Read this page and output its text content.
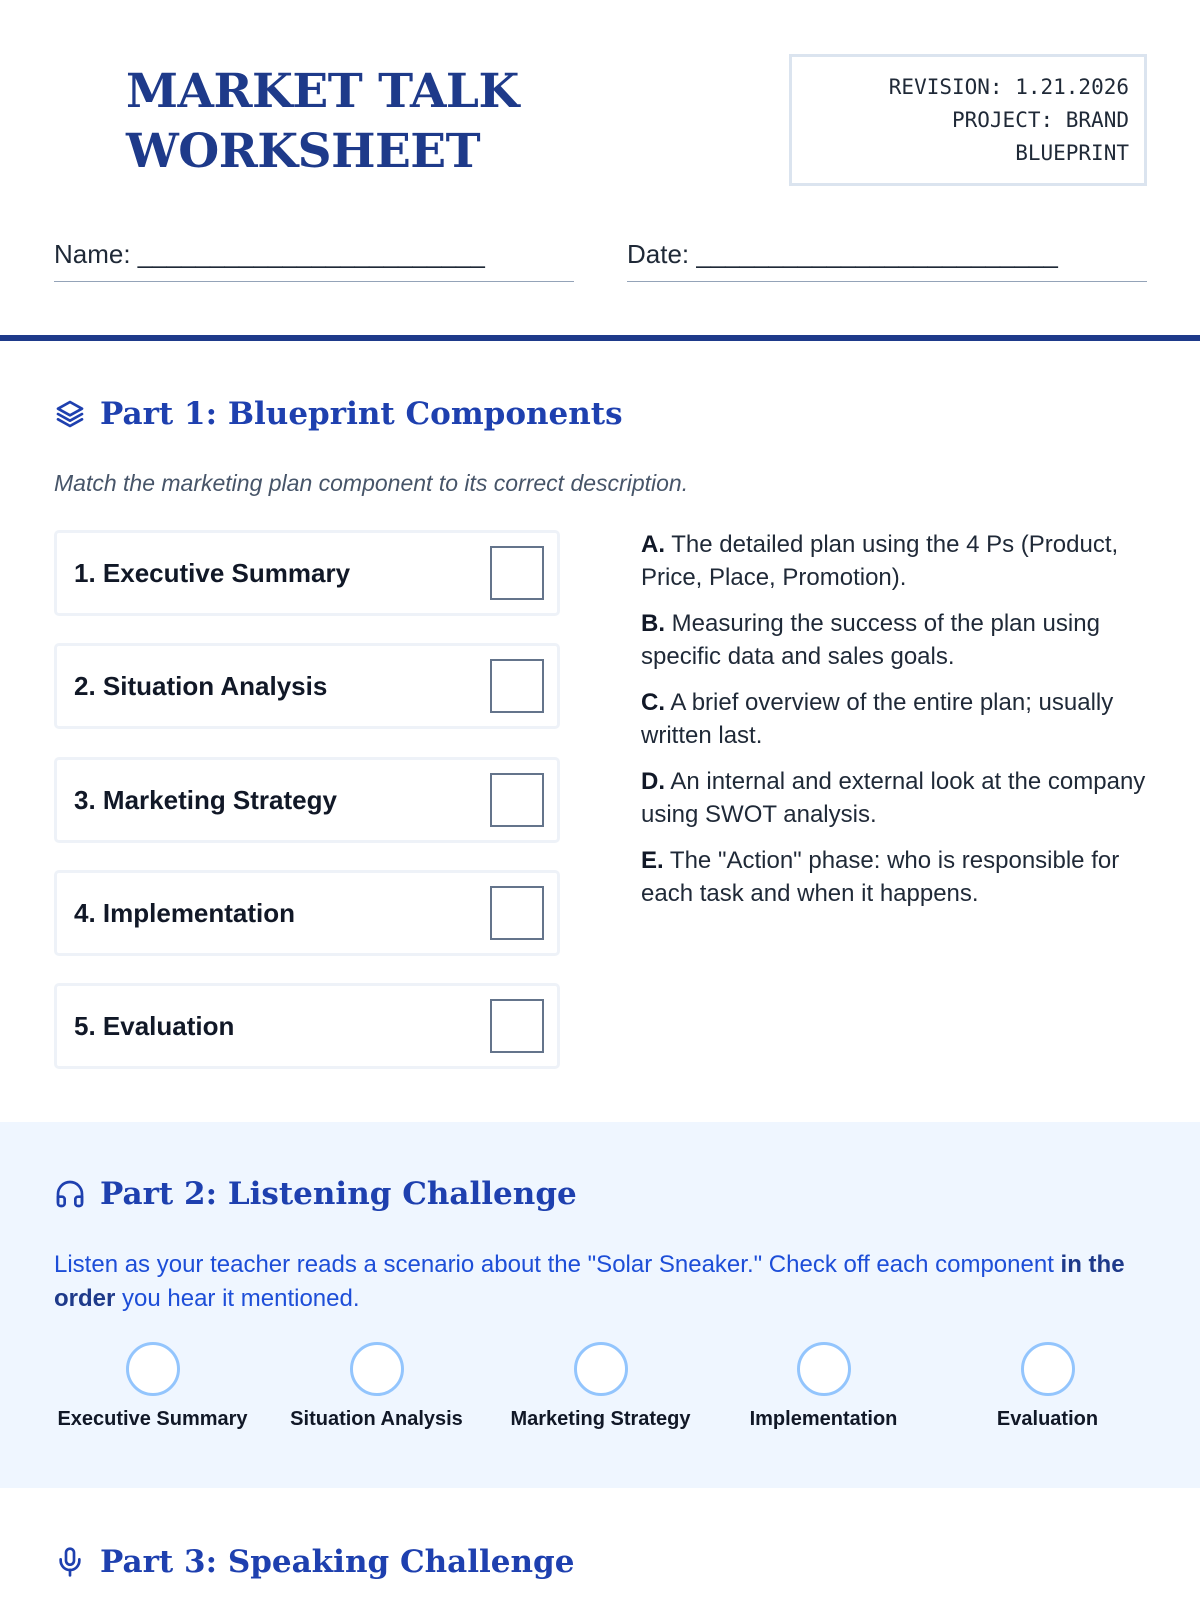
MARKET TALK
WORKSHEET
REVISION: 1.21.2026
PROJECT: BRAND
BLUEPRINT
Name: ________________________	Date: _________________________
Part 1: Blueprint Components
Match the marketing plan component to its correct description.
1. Executive Summary
2. Situation Analysis
3. Marketing Strategy
4. Implementation
5. Evaluation
A. The detailed plan using the 4 Ps (Product, Price, Place, Promotion).
B. Measuring the success of the plan using specific data and sales goals.
C. A brief overview of the entire plan; usually written last.
D. An internal and external look at the company using SWOT analysis.
E. The "Action" phase: who is responsible for each task and when it happens.
Part 2: Listening Challenge
Listen as your teacher reads a scenario about the "Solar Sneaker." Check off each component in the order you hear it mentioned.
Executive Summary	Situation Analysis	Marketing Strategy	Implementation	Evaluation
Part 3: Speaking Challenge
